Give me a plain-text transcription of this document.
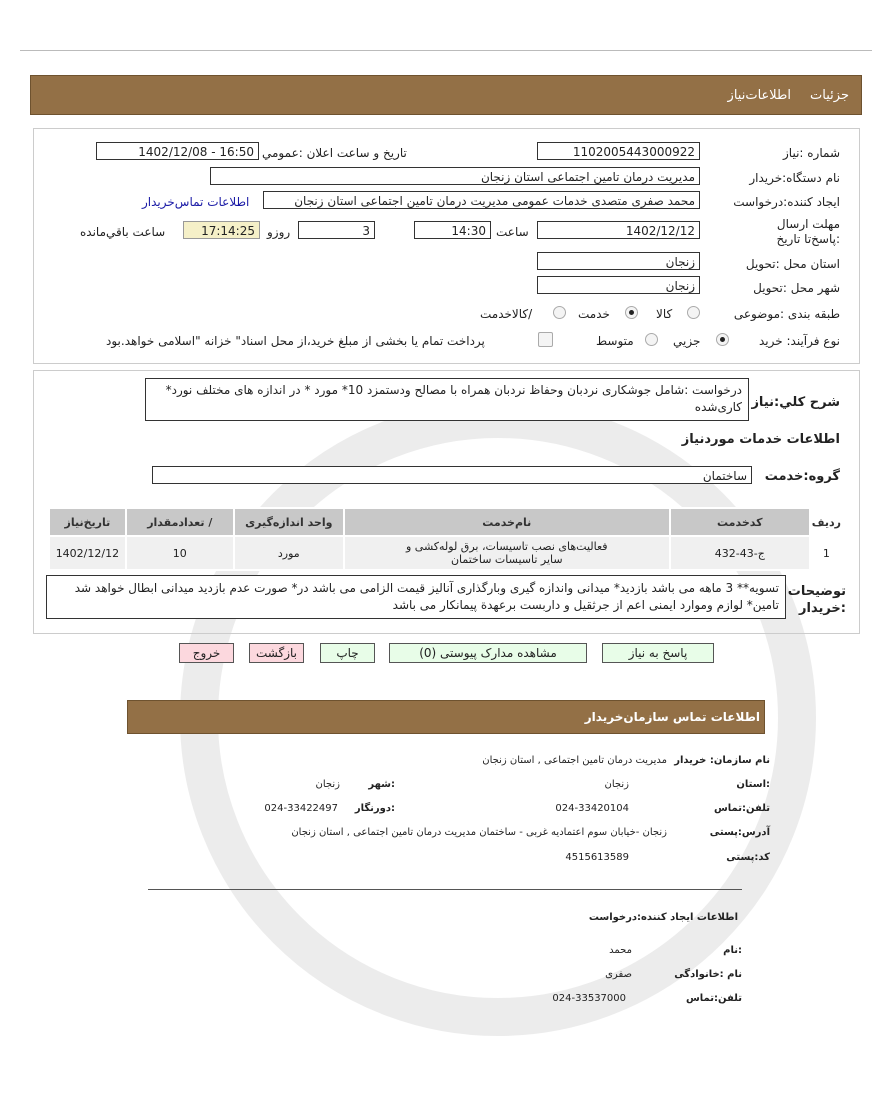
جزئیات
اطلاعات‌نیاز
شماره :نیاز
1102005443000922
تاریخ و ساعت اعلان :عمومي
1402/12/08 - 16:50
نام دستگاه:خریدار
مدیریت درمان تامین اجتماعی استان زنجان
ایجاد کننده:درخواست
محمد صفری متصدی خدمات عمومی مدیریت درمان تامین اجتماعی استان زنجان
اطلاعات تماس‌خریدار
مهلت ارسال :پاسخ‌تا تاریخ
1402/12/12
ساعت
14:30
3
روزو
17:14:25
ساعت باقي‌مانده
استان محل :تحویل
زنجان
شهر محل :تحویل
زنجان
طبقه بندی :موضوعی
کالا
خدمت
/کالاخدمت
نوع فرآیند: خرید
جزيي
متوسط
پرداخت تمام یا بخشی از مبلغ خرید،از محل اسناد" خزانه "اسلامی خواهد.بود
شرح کلي:نیاز
درخواست :شامل جوشکاری نردبان وحفاظ نردبان همراه با مصالح ودستمزد 10* مورد * در اندازه های مختلف نورد* کاری‌شده
اطلاعات خدمات موردنیاز
گروه:خدمت
ساختمان
ردیف	کدخدمت	نام‌خدمت	واحد اندازه‌گیری	/ تعدادمقدار	تاریخ‌نیاز
1	ج-43-432	فعالیت‌های نصب تاسیسات، برق لوله‌کشی و سایر تاسیسات ساختمان	مورد	10	1402/12/12
توضیحات :خریدار
تسویه** 3 ماهه می باشد بازدید* میدانی واندازه گیری وبارگذاری آنالیز قیمت الزامی می باشد در* صورت عدم بازدید میدانی ابطال خواهد شد تامین* لوازم وموارد ایمنی اعم از جرثقیل و داربست برعهدة پیمانکار می باشد
پاسخ به نیاز
مشاهده مدارک پیوستی (0)
چاپ
بازگشت
خروج
اطلاعات تماس سازمان‌خریدار
نام سازمان: خریدار
مدیریت درمان تامین اجتماعی , استان زنجان
:استان
زنجان
:شهر
زنجان
تلفن:تماس
024-33420104
:دورنگار
024-33422497
آدرس:پستی
زنجان -خیابان سوم اعتمادیه غربی - ساختمان مدیریت درمان تامین اجتماعی , استان زنجان
کد:پستی
4515613589
اطلاعات ایجاد کننده:درخواست
:نام
محمد
نام :خانوادگی
صفری
تلفن:تماس
024-33537000
